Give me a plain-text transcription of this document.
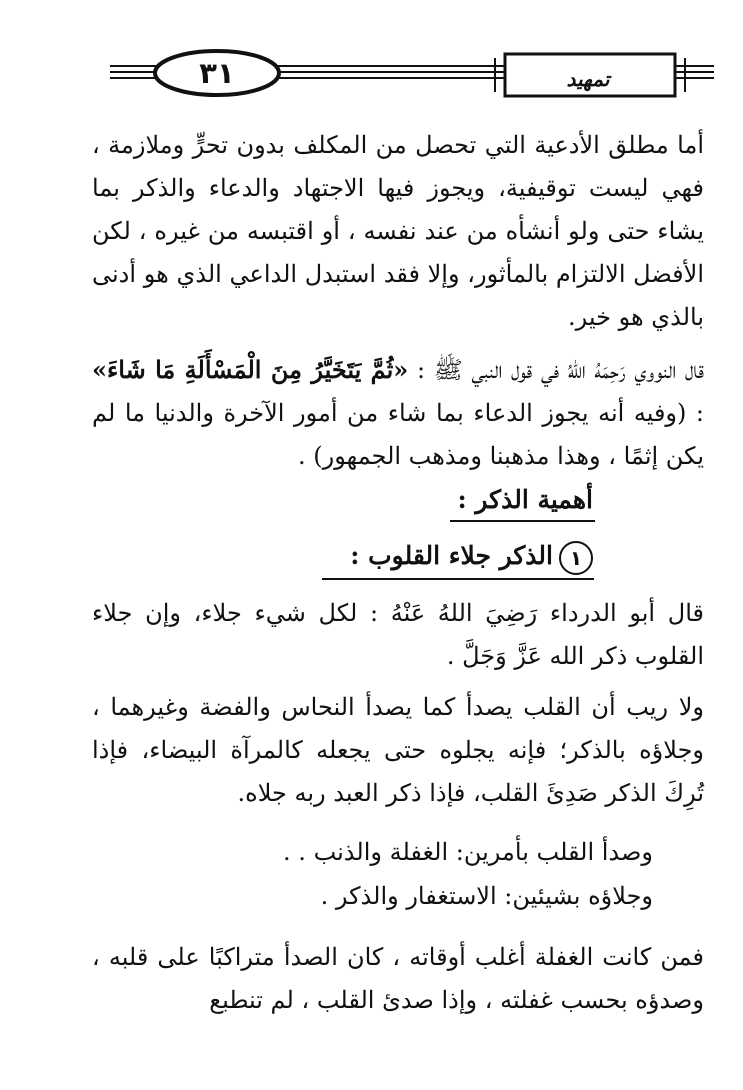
٣١	تمهيد

أما مطلق الأدعية التي تحصل من المكلف بدون تحرٍّ وملازمة ، فهي ليست توقيفية، ويجوز فيها الاجتهاد والدعاء والذكر بما يشاء حتى ولو أنشأه من عند نفسه ، أو اقتبسه من غيره ، لكن الأفضل الالتزام بالمأثور، وإلا فقد استبدل الداعي الذي هو أدنى بالذي هو خير.

قال النووي رَحِمَهُ اللهُ في قول النبي ﷺ : «ثُمَّ يَتَخَيَّرُ مِنَ الْمَسْأَلَةِ مَا شَاءَ» : (وفيه أنه يجوز الدعاء بما شاء من أمور الآخرة والدنيا ما لم يكن إثمًا ، وهذا مذهبنا ومذهب الجمهور) .

أهمية الذكر :
١الذكر جلاء القلوب :

قال أبو الدرداء رَضِيَ اللهُ عَنْهُ : لكل شيء جلاء، وإن جلاء القلوب ذكر الله عَزَّ وَجَلَّ .

ولا ريب أن القلب يصدأ كما يصدأ النحاس والفضة وغيرهما ، وجلاؤه بالذكر؛ فإنه يجلوه حتى يجعله كالمرآة البيضاء، فإذا تُرِكَ الذكر صَدِئَ القلب، فإذا ذكر العبد ربه جلاه.

وصدأ القلب بأمرين: الغفلة والذنب . .
وجلاؤه بشيئين: الاستغفار والذكر .

فمن كانت الغفلة أغلب أوقاته ، كان الصدأ متراكبًا على قلبه ، وصدؤه بحسب غفلته ، وإذا صدئ القلب ، لم تنطبع
